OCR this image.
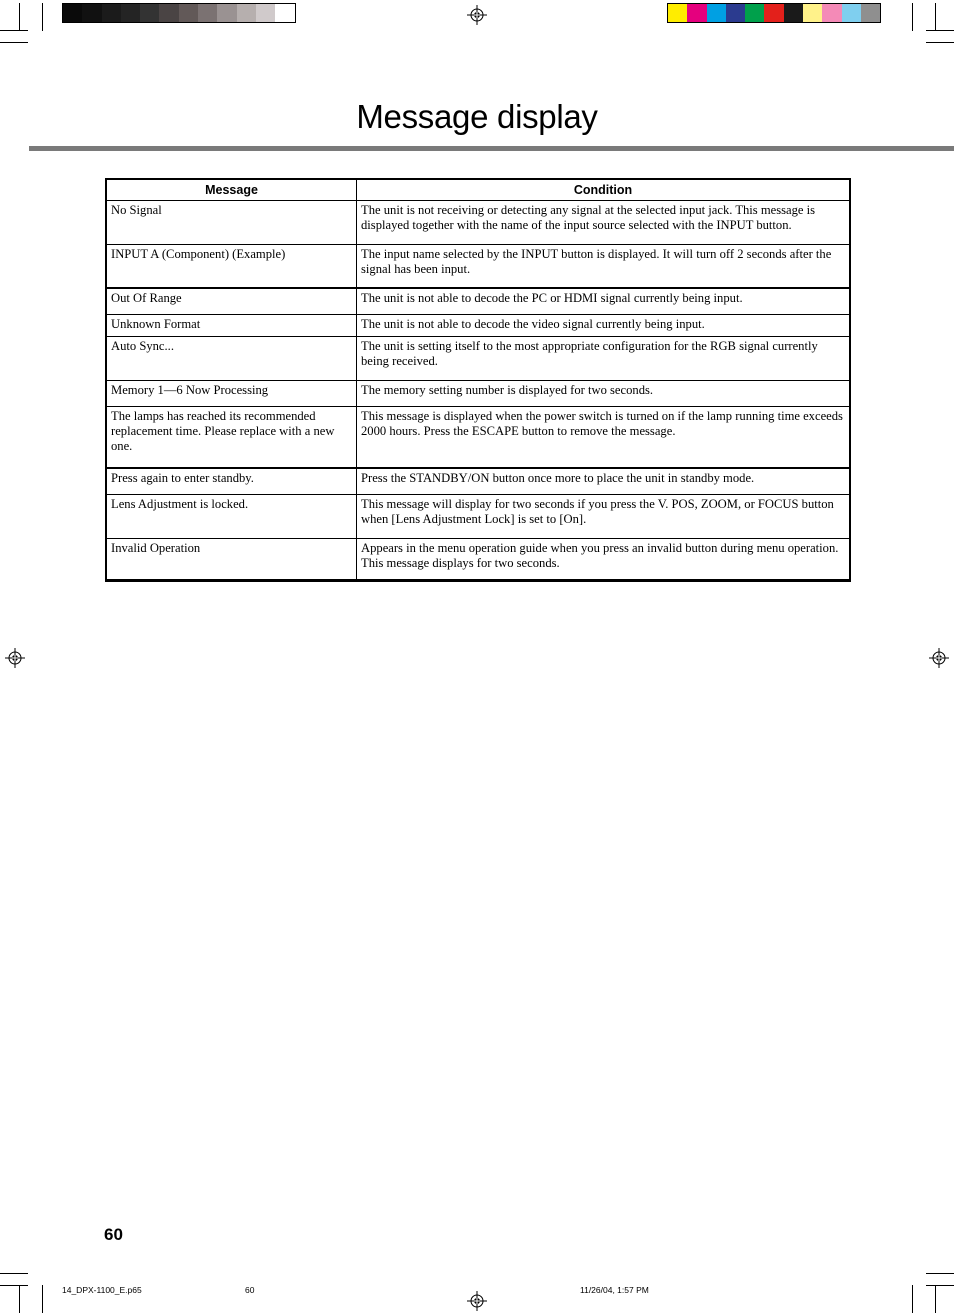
Message display
Message	Condition
No Signal	The unit is not receiving or detecting any signal at the selected input jack. This message is displayed together with the name of the input source selected with the INPUT button.
INPUT A (Component) (Example)	The input name selected by the INPUT button is displayed. It will turn off 2 seconds after the signal has been input.
Out Of Range	The unit is not able to decode the PC or HDMI signal currently being input.
Unknown Format	The unit is not able to decode the video signal currently being input.
Auto Sync...	The unit is setting itself to the most appropriate configuration for the RGB signal currently being received.
Memory 1—6 Now Processing	The memory setting number is displayed for two seconds.
The lamps has reached its recommended replacement time. Please replace with a new one.	This message is displayed when the power switch is turned on if the lamp running time exceeds 2000 hours. Press the ESCAPE button to remove the message.
Press again to enter standby.	Press the STANDBY/ON button once more to place the unit in standby mode.
Lens Adjustment is locked.	This message will display for two seconds if you press the V. POS, ZOOM, or FOCUS button when [Lens Adjustment Lock] is set to [On].
Invalid Operation	Appears in the menu operation guide when you press an invalid button during menu operation. This message displays for two seconds.
60
14_DPX-1100_E.p65	60	11/26/04, 1:57 PM
